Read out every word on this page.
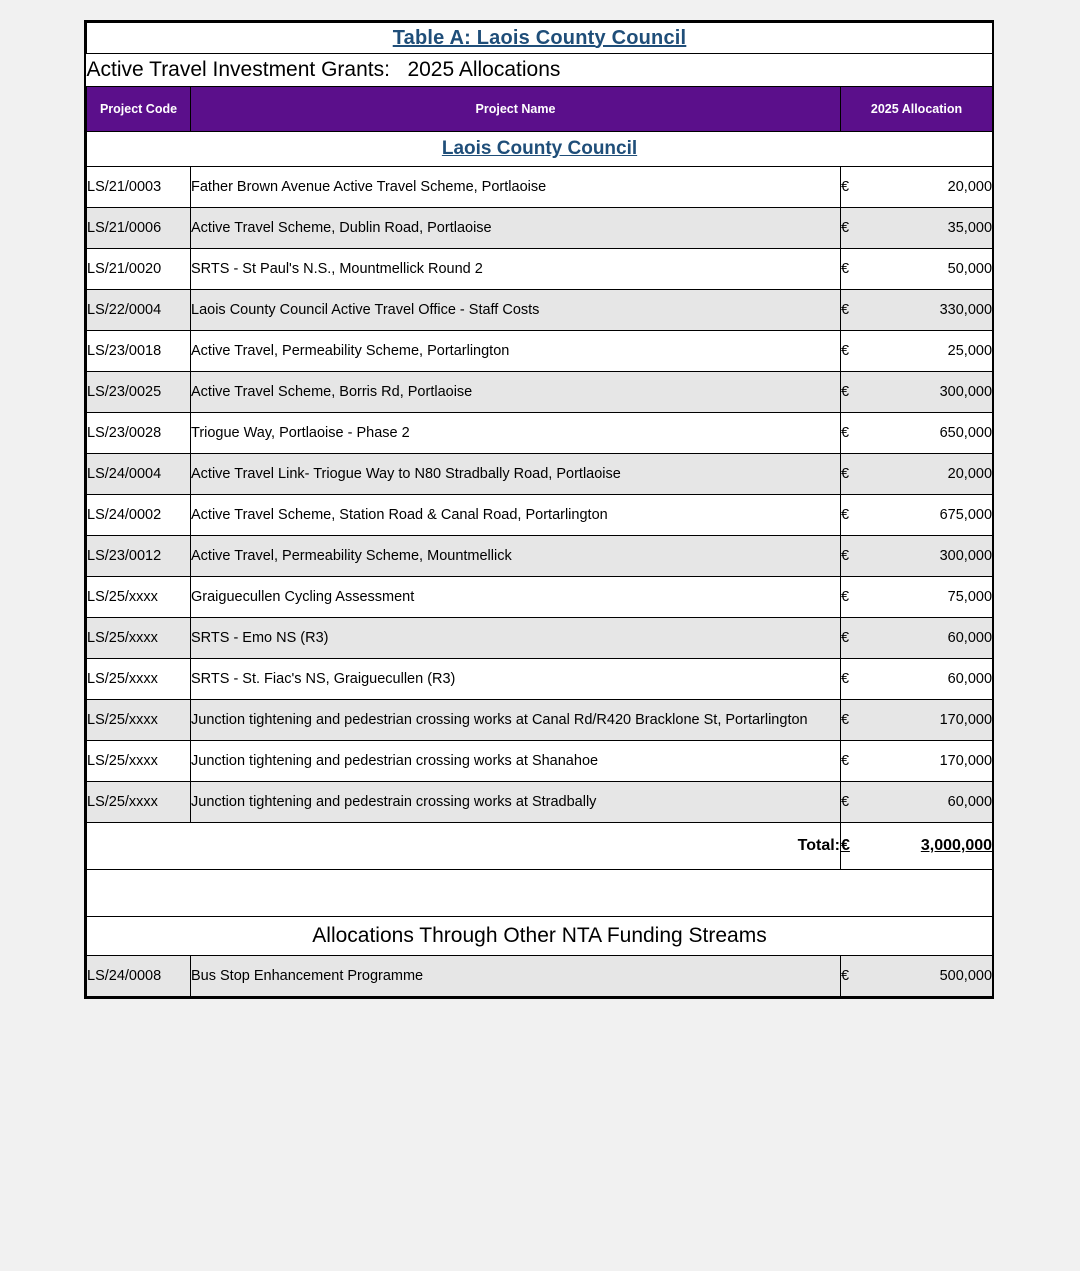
Table A: Laois County Council			
Active Travel Investment Grants:   2025 Allocations			
Project Code	Project Name	2025 Allocation	
Laois County Council			
LS/21/0003	Father Brown Avenue Active Travel Scheme, Portlaoise	€	20,000
LS/21/0006	Active Travel Scheme, Dublin Road, Portlaoise	€	35,000
LS/21/0020	SRTS - St Paul's N.S., Mountmellick Round 2	€	50,000
LS/22/0004	Laois County Council Active Travel Office - Staff Costs	€	330,000
LS/23/0018	Active Travel, Permeability Scheme, Portarlington	€	25,000
LS/23/0025	Active Travel Scheme, Borris Rd, Portlaoise	€	300,000
LS/23/0028	Triogue Way, Portlaoise - Phase 2	€	650,000
LS/24/0004	Active Travel Link- Triogue Way to N80 Stradbally Road, Portlaoise	€	20,000
LS/24/0002	Active Travel Scheme, Station Road & Canal Road, Portarlington	€	675,000
LS/23/0012	Active Travel, Permeability Scheme, Mountmellick	€	300,000
LS/25/xxxx	Graiguecullen Cycling Assessment	€	75,000
LS/25/xxxx	SRTS - Emo NS (R3)	€	60,000
LS/25/xxxx	SRTS - St. Fiac's NS, Graiguecullen (R3)	€	60,000
LS/25/xxxx	Junction tightening and pedestrian crossing works at Canal Rd/R420 Bracklone St, Portarlington	€	170,000
LS/25/xxxx	Junction tightening and pedestrian crossing works at Shanahoe	€	170,000
LS/25/xxxx	Junction tightening and pedestrain crossing works at Stradbally	€	60,000
Total:		€	3,000,000

Allocations Through Other NTA Funding Streams			
LS/24/0008	Bus Stop Enhancement Programme	€	500,000
